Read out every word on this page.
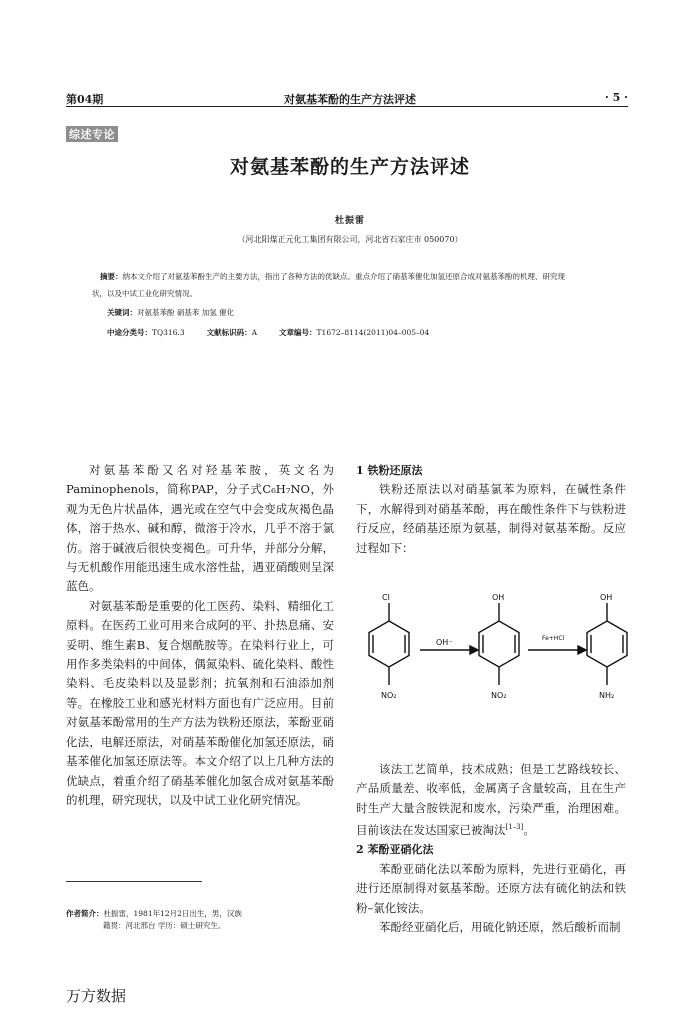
第04期	对氨基苯酚的生产方法评述	· 5 ·
综述专论
对氨基苯酚的生产方法评述
杜振雷
（河北阳煤正元化工集团有限公司，河北省石家庄市 050070）
摘要：纳本文介绍了对氨基苯酚生产的主要方法，指出了各种方法的优缺点。重点介绍了硝基苯催化加氢还原合成对氨基苯酚的机理、研究现
状，以及中试工业化研究情况。
关键词：对氨基苯酚 硝基苯 加氢 催化
中途分类号：TQ316.3	文献标识码：A	文章编号：T1672–8114(2011)04–005–04

对氨基苯酚又名对羟基苯胺，英文名为Paminophenols，简称PAP，分子式C₆H₇NO，外观为无色片状晶体，遇光或在空气中会变成灰褐色晶体，溶于热水、碱和醇，微溶于冷水，几乎不溶于氯仿。溶于碱液后很快变褐色。可升华，并部分分解，与无机酸作用能迅速生成水溶性盐，遇亚硝酸则呈深蓝色。

对氨基苯酚是重要的化工医药、染料、精细化工原料。在医药工业可用来合成阿的平、扑热息痛、安妥明、维生素B、复合烟酰胺等。在染料行业上，可用作多类染料的中间体，偶氮染料、硫化染料、酸性染料、毛皮染料以及显影剂；抗氧剂和石油添加剂等。在橡胶工业和感光材料方面也有广泛应用。目前对氨基苯酚常用的生产方法为铁粉还原法，苯酚亚硝化法，电解还原法，对硝基苯酚催化加氢还原法，硝基苯催化加氢还原法等。本文介绍了以上几种方法的优缺点，着重介绍了硝基苯催化加氢合成对氨基苯酚的机理，研究现状，以及中试工业化研究情况。

1 铁粉还原法

铁粉还原法以对硝基氯苯为原料，在碱性条件下，水解得到对硝基苯酚，再在酸性条件下与铁粉进行反应，经硝基还原为氨基，制得对氨基苯酚。反应过程如下：

Cl
NO₂
OH⁻
OH
NO₂
Fe+HCl
OH
NH₂

该法工艺简单，技术成熟；但是工艺路线较长、产品质量差、收率低，金属离子含量较高，且在生产时生产大量含胺铁泥和废水，污染严重，治理困难。目前该法在发达国家已被淘汰[1–3]。

2 苯酚亚硝化法

苯酚亚硝化法以苯酚为原料，先进行亚硝化，再进行还原制得对氨基苯酚。还原方法有硫化钠法和铁粉–氯化铵法。

苯酚经亚硝化后，用硫化钠还原，然后酸析而制

作者简介：杜振雷，1981年12月2日出生，男，汉族
籍贯：河北邢台 学历：硕士研究生。
万方数据
